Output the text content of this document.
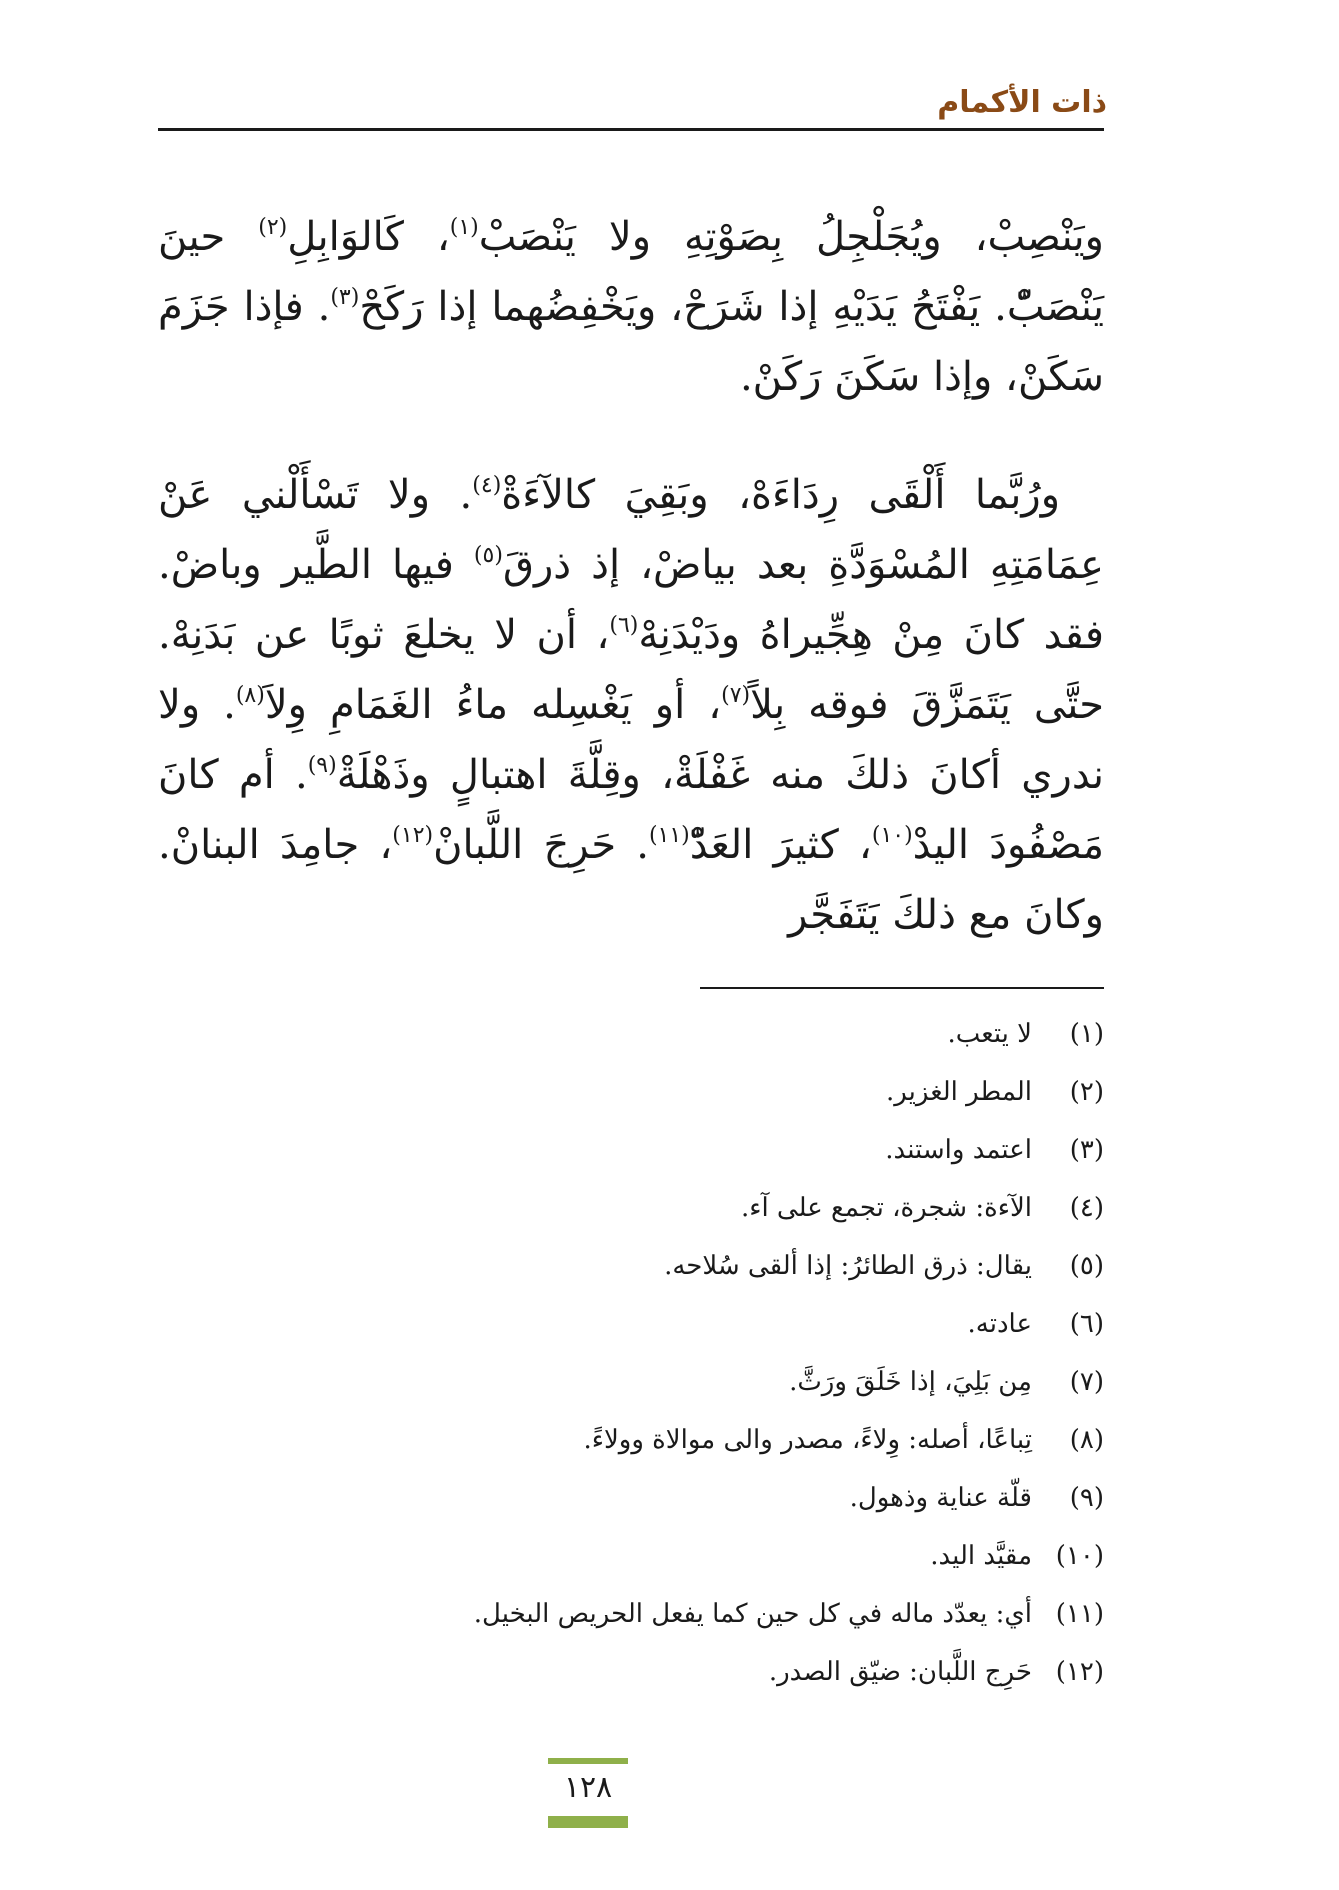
ذات الأكمام

ويَنْصِبْ، ويُجَلْجِلُ بِصَوْتِهِ ولا يَنْصَبْ$^{(١)}$، كَالوَابِلِ$^{(٢)}$ حينَ يَنْصَبّْ. يَفْتَحُ يَدَيْهِ إذا شَرَحْ، ويَخْفِضُهما إذا رَكَحْ$^{(٣)}$. فإذا جَزَمَ سَكَنْ، وإذا سَكَنَ رَكَنْ.

ورُبَّما أَلْقَى رِدَاءَهْ، وبَقِيَ كالآءَةْ$^{(٤)}$. ولا تَسْأَلْني عَنْ عِمَامَتِهِ المُسْوَدَّةِ بعد بياضْ، إذ ذرقَ$^{(٥)}$ فيها الطَّير وباضْ. فقد كانَ مِنْ هِجِّيراهُ ودَيْدَنِهْ$^{(٦)}$، أن لا يخلعَ ثوبًا عن بَدَنِهْ. حتَّى يَتَمَزَّقَ فوقه بِلاً$^{(٧)}$، أو يَغْسِله ماءُ الغَمَامِ وِلاَ$^{(٨)}$. ولا ندري أكانَ ذلكَ منه غَفْلَةْ، وقِلَّةَ اهتبالٍ وذَهْلَةْ$^{(٩)}$. أم كانَ مَصْفُودَ اليدْ$^{(١٠)}$، كثيرَ العَدّْ$^{(١١)}$. حَرِجَ اللَّبانْ$^{(١٢)}$، جامِدَ البنانْ. وكانَ مع ذلكَ يَتَفَجَّر

(١)
لا يتعب.
(٢)
المطر الغزير.
(٣)
اعتمد واستند.
(٤)
الآءة: شجرة، تجمع على آء.
(٥)
يقال: ذرق الطائرُ: إذا ألقى سُلاحه.
(٦)
عادته.
(٧)
مِن بَلِيَ، إذا خَلَقَ ورَثَّ.
(٨)
تِباعًا، أصله: وِلاءً، مصدر والى موالاة وولاءً.
(٩)
قلّة عناية وذهول.
(١٠)
مقيَّد اليد.
(١١)
أي: يعدّد ماله في كل حين كما يفعل الحريص البخيل.
(١٢)
حَرِج اللَّبان: ضيّق الصدر.
١٢٨
